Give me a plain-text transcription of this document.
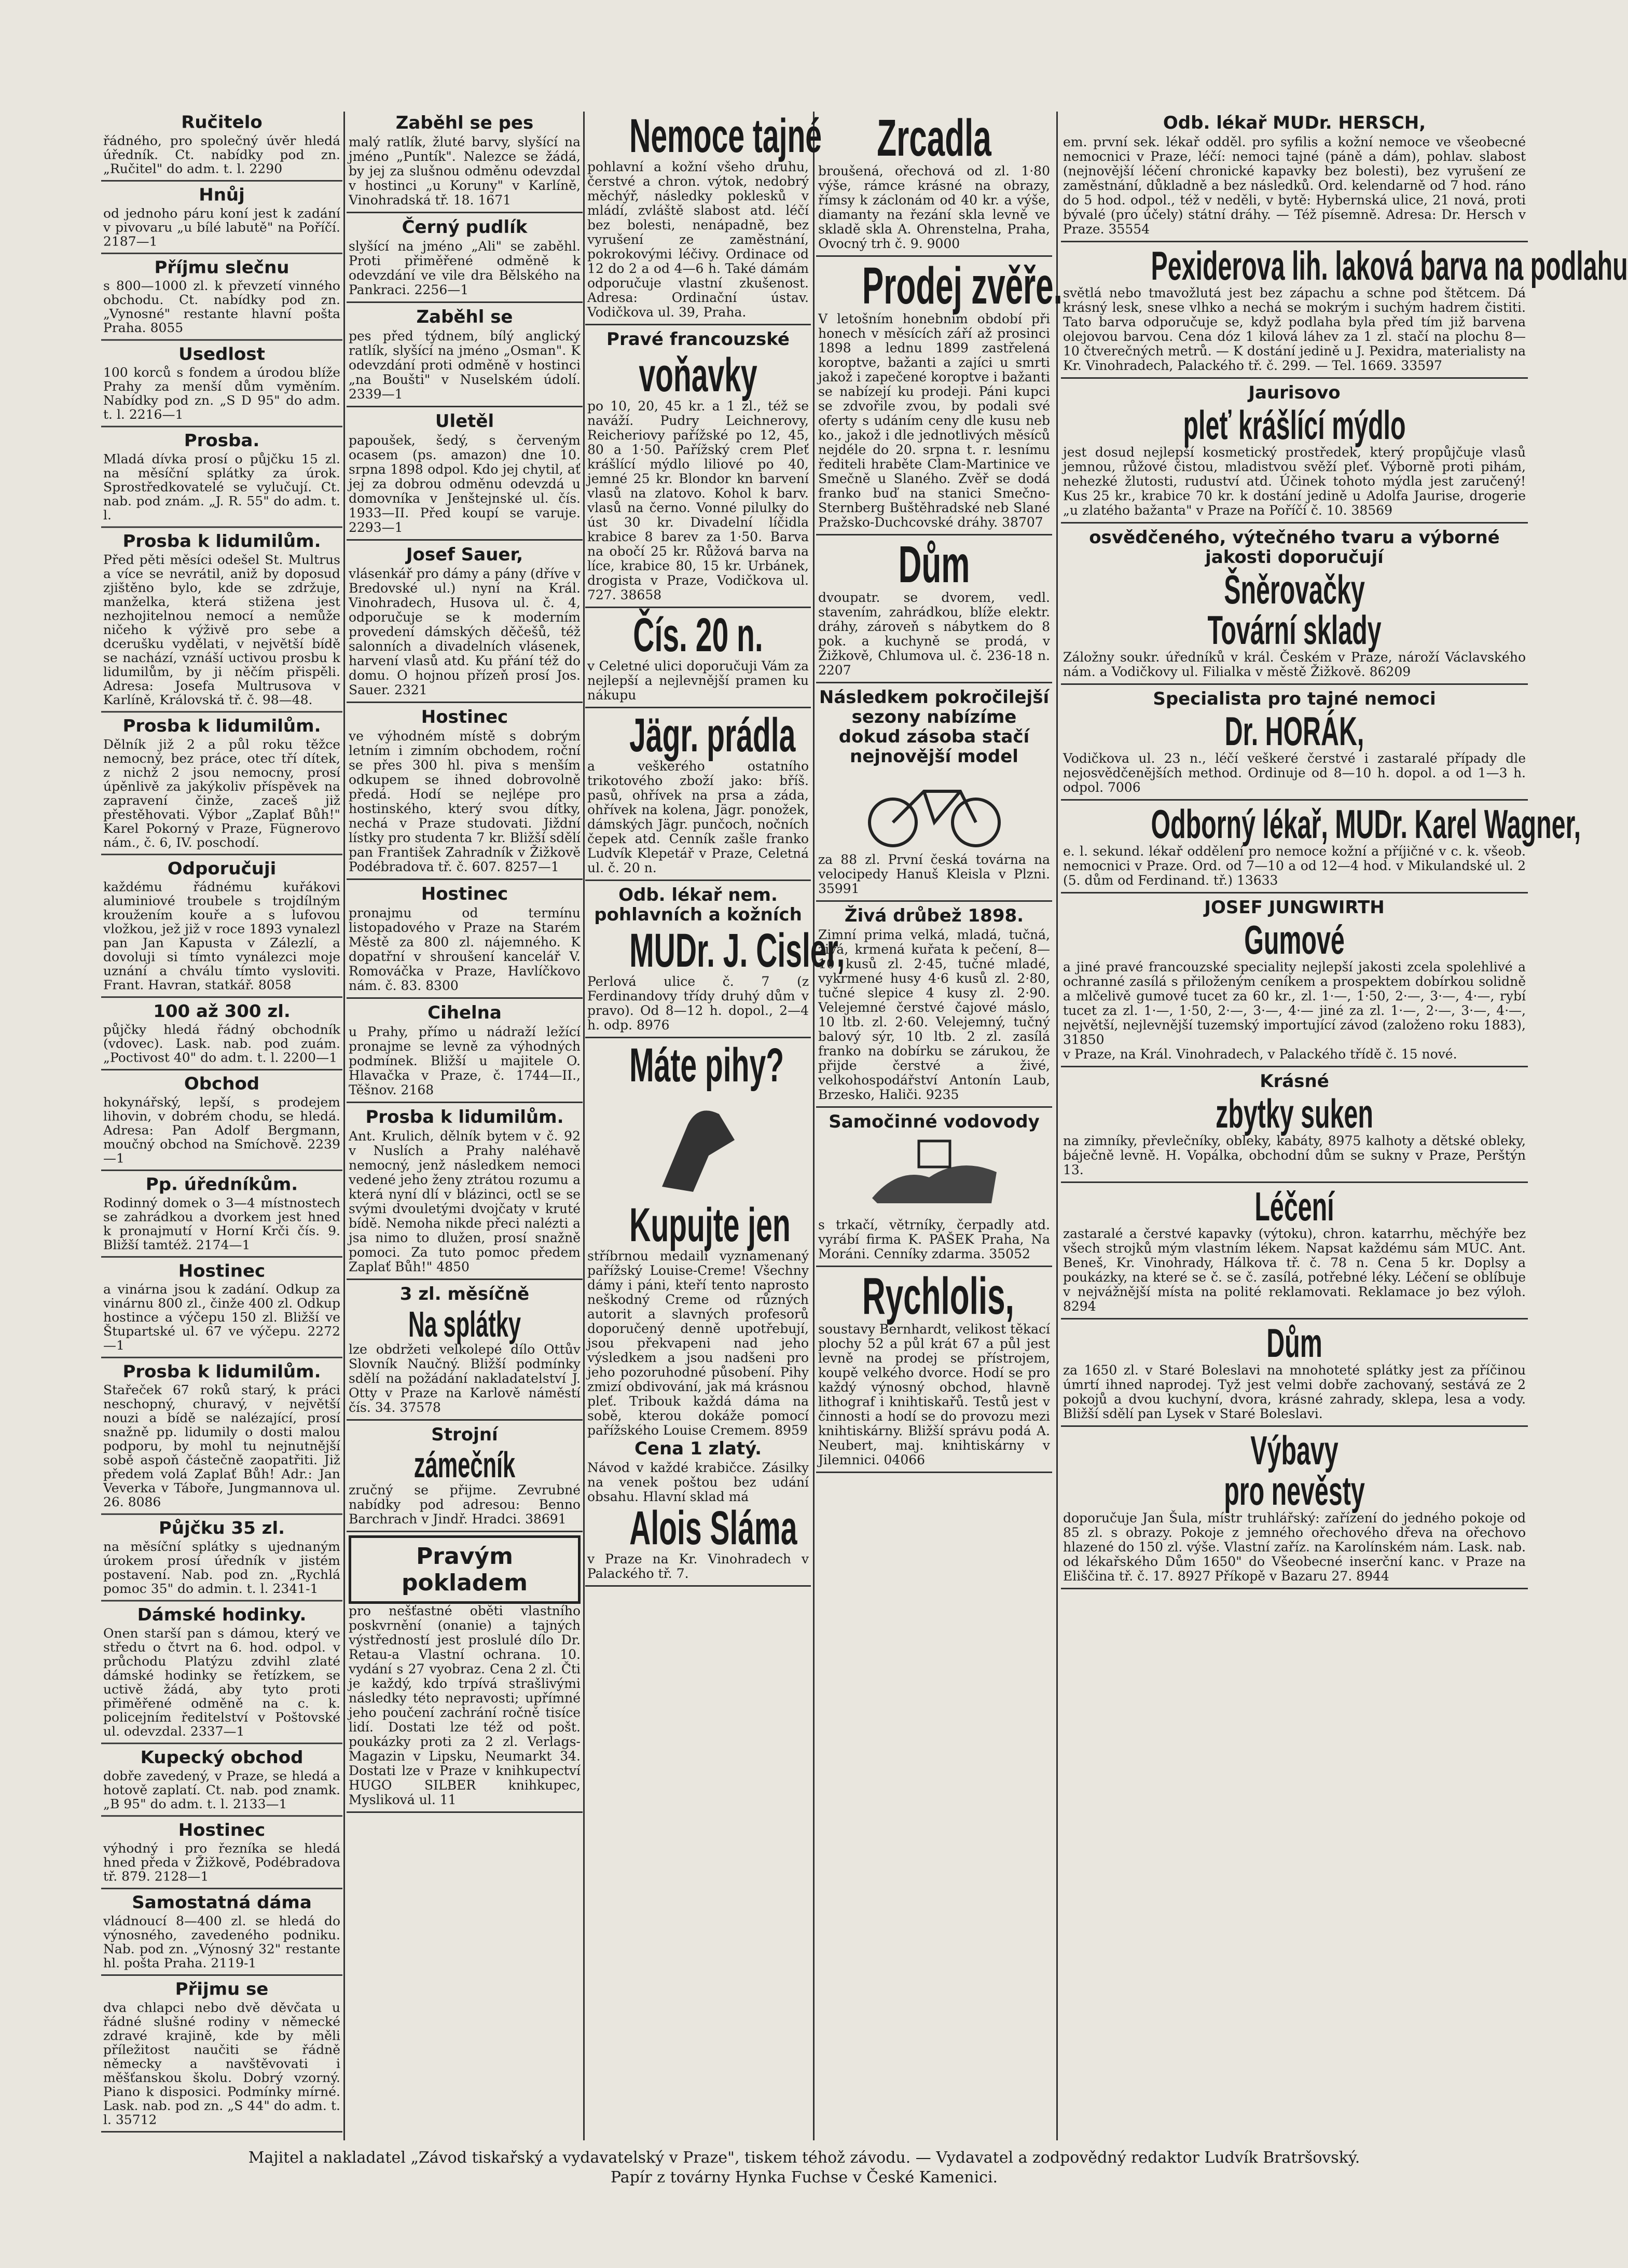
Ručitelo
řádného, pro společný úvěr hledá úředník. Ct. nabídky pod zn. „Ručitel" do adm. t. l. 2290
Hnůj
od jednoho páru koní jest k zadání v pivovaru „u bílé labutě" na Poříčí. 2187—1
Příjmu slečnu
s 800—1000 zl. k převzetí vinného obchodu. Ct. nabídky pod zn. „Vynosné" restante hlavní pošta Praha. 8055
Usedlost
100 korců s fondem a úrodou blíže Prahy za menší dům vyměním. Nabídky pod zn. „S D 95" do adm. t. l. 2216—1
Prosba.
Mladá dívka prosí o půjčku 15 zl. na měsíční splátky za úrok. Sprostředkovatelé se vylučují. Ct. nab. pod znám. „J. R. 55" do adm. t. l.
Prosba k lidumilům.
Před pěti měsíci odešel St. Multrus a více se nevrátil, aniž by doposud zjištěno bylo, kde se zdržuje, manželka, která stižena jest nezhojitelnou nemocí a nemůže ničeho k výživě pro sebe a dcerušku vydělati, v největší bídě se nachází, vznáší uctivou prosbu k lidumilům, by ji něčím přispěli. Adresa: Josefa Multrusova v Karlíně, Královská tř. č. 98—48.
Prosba k lidumilům.
Dělník již 2 a půl roku těžce nemocný, bez práce, otec tří dítek, z nichž 2 jsou nemocny, prosí úpěnlivě za jakýkoliv příspěvek na zapravení činže, zaceš již přestěhovati. Výbor „Zaplať Bůh!" Karel Pokorný v Praze, Fügnerovo nám., č. 6, IV. poschodí.
Odporučuji
každému řádnému kuřákovi aluminiové troubele s trojdílným kroužením kouře a s lufovou vložkou, jež již v roce 1893 vynalezl pan Jan Kapusta v Zálezlí, a dovoluji si tímto vynálezci moje uznání a chválu tímto vysloviti. Frant. Havran, statkář. 8058
100 až 300 zl.
půjčky hledá řádný obchodník (vdovec). Lask. nab. pod zuám. „Poctivost 40" do adm. t. l. 2200—1
Obchod
hokynářský, lepší, s prodejem lihovin, v dobrém chodu, se hledá. Adresa: Pan Adolf Bergmann, moučný obchod na Smíchově. 2239—1
Pp. úředníkům.
Rodinný domek o 3—4 místnostech se zahrádkou a dvorkem jest hned k pronajmutí v Horní Krči čís. 9. Bližší tamtéž. 2174—1
Hostinec
a vinárna jsou k zadání. Odkup za vinárnu 800 zl., činže 400 zl. Odkup hostince a výčepu 150 zl. Bližší ve Štupartské ul. 67 ve výčepu. 2272—1
Prosba k lidumilům.
Stařeček 67 roků starý, k práci neschopný, churavý, v největší nouzi a bídě se nalézající, prosí snažně pp. lidumily o dosti malou podporu, by mohl tu nejnutnější sobě aspoň částečně zaopatřiti. Již předem volá Zaplať Bůh! Adr.: Jan Veverka v Táboře, Jungmannova ul. 26. 8086
Půjčku 35 zl.
na měsíční splátky s ujednaným úrokem prosí úředník v jistém postavení. Nab. pod zn. „Rychlá pomoc 35" do admin. t. l. 2341-1
Dámské hodinky.
Onen starší pan s dámou, který ve středu o čtvrt na 6. hod. odpol. v průchodu Platýzu zdvihl zlaté dámské hodinky se řetízkem, se uctivě žádá, aby tyto proti přiměřené odměně na c. k. policejním ředitelství v Poštovské ul. odevzdal. 2337—1
Kupecký obchod
dobře zavedený, v Praze, se hledá a hotově zaplatí. Ct. nab. pod znamk. „B 95" do adm. t. l. 2133—1
Hostinec
výhodný i pro řezníka se hledá hned předa v Žižkově, Podébradova tř. 879. 2128—1
Samostatná dáma
vládnoucí 8—400 zl. se hledá do výnosného, zavedeného podniku. Nab. pod zn. „Výnosný 32" restante hl. pošta Praha. 2119-1
Přijmu se
dva chlapci nebo dvě děvčata u řádné slušné rodiny v německé zdravé krajině, kde by měli příležitost naučiti se řádně německy a navštěvovati i měšťanskou školu. Dobrý vzorný. Piano k disposici. Podmínky mírné. Lask. nab. pod zn. „S 44" do adm. t. l. 35712
Zaběhl se pes
malý ratlík, žluté barvy, slyšící na jméno „Puntík". Nalezce se žádá, by jej za slušnou odměnu odevzdal v hostinci „u Koruny" v Karlíně, Vinohradská tř. 18. 1671
Černý pudlík
slyšící na jméno „Ali" se zaběhl. Proti přiměřené odměně k odevzdání ve vile dra Bělského na Pankraci. 2256—1
Zaběhl se
pes před týdnem, bílý anglický ratlík, slyšící na jméno „Osman". K odevzdání proti odměně v hostinci „na Boušti" v Nuselském údolí. 2339—1
Uletěl
papoušek, šedý, s červeným ocasem (ps. amazon) dne 10. srpna 1898 odpol. Kdo jej chytil, ať jej za dobrou odměnu odevzdá u domovníka v Jenštejnské ul. čís. 1933—II. Před koupí se varuje. 2293—1
Josef Sauer,
vlásenkář pro dámy a pány (dříve v Bredovské ul.) nyní na Král. Vinohradech, Husova ul. č. 4, odporučuje se k moderním provedení dámských děčešů, též salonních a divadelních vlásenek, harvení vlasů atd. Ku přání též do domu. O hojnou přízeň prosí Jos. Sauer. 2321
Hostinec
ve výhodném místě s dobrým letním i zimním obchodem, roční se přes 300 hl. piva s menším odkupem se ihned dobrovolně předá. Hodí se nejlépe pro hostinského, který svou dítky, nechá v Praze studovati. Jiždní lístky pro studenta 7 kr. Bližší sdělí pan František Zahradník v Žižkově Podébradova tř. č. 607. 8257—1
Hostinec
pronajmu od termínu listopadového v Praze na Starém Městě za 800 zl. nájemného. K dopatřní v shroušení kancelář V. Romováčka v Praze, Havlíčkovo nám. č. 83. 8300
Cihelna
u Prahy, přímo u nádraží ležící pronajme se levně za výhodných podmínek. Bližší u majitele O. Hlavačka v Praze, č. 1744—II., Těšnov. 2168
Prosba k lidumilům.
Ant. Krulich, dělník bytem v č. 92 v Nuslích a Prahy naléhavě nemocný, jenž následkem nemoci vedené jeho ženy ztrátou rozumu a která nyní dlí v blázinci, octl se se svými dvouletými dvojčaty v kruté bídě. Nemoha nikde přeci nalézti a jsa nimo to dlužen, prosí snažně pomoci. Za tuto pomoc předem Zaplať Bůh!" 4850
3 zl. měsíčně
Na splátky
lze obdržeti velkolepé dílo Ottův Slovník Naučný. Bližší podmínky sdělí na požádání nakladatelství J. Otty v Praze na Karlově náměstí čís. 34. 37578
Strojní
zámečník
zručný se přijme. Zevrubné nabídky pod adresou: Benno Barchrach v Jindř. Hradci. 38691
Pravým pokladem
pro nešťastné oběti vlastního poskvrnění (onanie) a tajných výstředností jest proslulé dílo Dr. Retau-a Vlastní ochrana. 10. vydání s 27 vyobraz. Cena 2 zl. Čti je každý, kdo trpívá strašlivými následky této nepravosti; upřímné jeho poučení zachrání ročně tisíce lidí. Dostati lze též od pošt. poukázky proti za 2 zl. Verlags-Magazin v Lipsku, Neumarkt 34. Dostati lze v Praze v knihkupectví HUGO SILBER knihkupec, Mysliková ul. 11
Nemoce tajné
pohlavní a kožní všeho druhu, čerstvé a chron. výtok, nedobrý měchýř, následky poklesků v mládí, zvláště slabost atd. léčí bez bolesti, nenápadně, bez vyrušení ze zaměstnání, pokrokovými léčivy. Ordinace od 12 do 2 a od 4—6 h. Také dámám odporučuje vlastní zkušenost. Adresa: Ordinační ústav. Vodičkova ul. 39, Praha.
Pravé francouzské
voňavky
po 10, 20, 45 kr. a 1 zl., též se naváží. Pudry Leichnerovy, Reicheriovy pařížské po 12, 45, 80 a 1·50. Pařížský crem Pleť krášlící mýdlo liliové po 40, jemné 25 kr. Blondor kn barvení vlasů na zlatovo. Kohol k barv. vlasů na černo. Vonné pilulky do úst 30 kr. Divadelní líčidla krabice 8 barev za 1·50. Barva na obočí 25 kr. Růžová barva na líce, krabice 80, 15 kr. Urbánek, drogista v Praze, Vodičkova ul. 727. 38658
Čís. 20 n.
v Celetné ulici doporučuji Vám za nejlepší a nejlevnější pramen ku nákupu
Jägr. prádla
a veškerého ostatního trikotového zboží jako: bříš. pasů, ohřívek na prsa a záda, ohřívek na kolena, Jägr. ponožek, dámských Jägr. punčoch, nočních čepek atd. Cenník zašle franko Ludvík Klepetář v Praze, Celetná ul. č. 20 n.
Odb. lékař nem. pohlavních a kožních
MUDr. J. Cisler,
Perlová ulice č. 7 (z Ferdinandovy třídy druhý dům v pravo). Od 8—12 h. dopol., 2—4 h. odp. 8976
Máte pihy?
Kupujte jen
stříbrnou medailí vyznamenaný pařížský Louise-Creme! Všechny dámy i páni, kteří tento naprosto neškodný Creme od různých autorit a slavných profesorů doporučený denně upotřebují, jsou překvapeni nad jeho výsledkem a jsou nadšeni pro jeho pozoruhodné působení. Pihy zmizí obdivování, jak má krásnou pleť. Tribouk každá dáma na sobě, kterou dokáže pomocí pařížského Louise Cremem. 8959
Cena 1 zlatý.
Návod v každé krabičce. Zásilky na venek poštou bez udání obsahu. Hlavní sklad má
Alois Sláma
v Praze na Kr. Vinohradech v Palackého tř. 7.
Zrcadla
broušená, ořechová od zl. 1·80 výše, rámce krásné na obrazy, římsy k záclonám od 40 kr. a výše, diamanty na řezání skla levně ve skladě skla A. Ohrenstelna, Praha, Ovocný trh č. 9. 9000
Prodej zvěře.
V letošním honebním období při honech v měsících září až prosinci 1898 a lednu 1899 zastřelená koroptve, bažanti a zajíci u smrti jakož i zapečené koroptve i bažanti se nabízejí ku prodeji. Páni kupci se zdvořile zvou, by podali své oferty s udáním ceny dle kusu neb ko., jakož i dle jednotlivých měsíců nejdéle do 20. srpna t. r. lesnímu řediteli hraběte Clam-Martinice ve Smečně u Slaného. Zvěř se dodá franko buď na stanici Smečno-Sternberg Buštěhradské neb Slané Pražsko-Duchcovské dráhy. 38707
Dům
dvoupatr. se dvorem, vedl. stavením, zahrádkou, blíže elektr. dráhy, zároveň s nábytkem do 8 pok. a kuchyně se prodá, v Žižkově, Chlumova ul. č. 236-18 n. 2207
Následkem pokročilejší sezony nabízíme dokud zásoba stačí nejnovější model
za 88 zl. První česká továrna na velocipedy Hanuš Kleisla v Plzni. 35991
Živá drůbež 1898.
Zimní prima velká, mladá, tučná, živá, krmená kuřata k pečení, 8—10 kusů zl. 2·45, tučné mladé, vykrmené husy 4·6 kusů zl. 2·80, tučné slepice 4 kusy zl. 2·90. Velejemné čerstvé čajové máslo, 10 ltb. zl. 2·60. Velejemný, tučný balový sýr, 10 ltb. 2 zl. zasílá franko na dobírku se zárukou, že přijde čerstvé a živé, velkohospodářství Antonín Laub, Brzesko, Haliči. 9235
Samočinné vodovody
s trkačí, větrníky, čerpadly atd. vyrábí firma K. PAŠEK Praha, Na Moráni. Cenníky zdarma. 35052
Rychlolis,
soustavy Bernhardt, velikost těkací plochy 52 a půl krát 67 a půl jest levně na prodej se přístrojem, koupě velkého dvorce. Hodí se pro každý výnosný obchod, hlavně lithograf i knihtiskařů. Testů jest v činnosti a hodí se do provozu mezi knihtiskárny. Bližší správu podá A. Neubert, maj. knihtiskárny v Jilemnici. 04066
Odb. lékař MUDr. HERSCH,
em. první sek. lékař odděl. pro syfilis a kožní nemoce ve všeobecné nemocnici v Praze, léčí: nemoci tajné (páně a dám), pohlav. slabost (nejnovější léčení chronické kapavky bez bolesti), bez vyrušení ze zaměstnání, důkladně a bez následků. Ord. kelendarně od 7 hod. ráno do 5 hod. odpol., též v neděli, v bytě: Hybernská ulice, 21 nová, proti bývalé (pro účely) státní dráhy. — Též písemně. Adresa: Dr. Hersch v Praze. 35554
Pexiderova lih. laková barva na podlahu
světlá nebo tmavožlutá jest bez zápachu a schne pod štětcem. Dá krásný lesk, snese vlhko a nechá se mokrým i suchým hadrem čistiti. Tato barva odporučuje se, když podlaha byla před tím již barvena olejovou barvou. Cena dóz 1 kilová láhev za 1 zl. stačí na plochu 8—10 čtverečných metrů. — K dostání jedině u J. Pexidra, materialisty na Kr. Vinohradech, Palackého tř. č. 299. — Tel. 1669. 33597
Jaurisovo
pleť krášlící mýdlo
jest dosud nejlepší kosmetický prostředek, který propůjčuje vlasů jemnou, růžové čistou, mladistvou svěží pleť. Výborně proti pihám, nehezké žlutosti, ruduství atd. Účinek tohoto mýdla jest zaručený! Kus 25 kr., krabice 70 kr. k dostání jedině u Adolfa Jaurise, drogerie „u zlatého bažanta" v Praze na Poříčí č. 10. 38569
osvědčeného, výtečného tvaru a výborné jakosti doporučují
Šněrovačky
Tovární sklady
Záložny soukr. úředníků v král. Českém v Praze, nároží Václavského nám. a Vodičkovy ul. Filialka v městě Žižkově. 86209
Specialista pro tajné nemoci
Dr. HORÁK,
Vodičkova ul. 23 n., léčí veškeré čerstvé i zastaralé případy dle nejosvědčenějších method. Ordinuje od 8—10 h. dopol. a od 1—3 h. odpol. 7006
Odborný lékař, MUDr. Karel Wagner,
e. l. sekund. lékař oddělení pro nemoce kožní a příjičné v c. k. všeob. nemocnici v Praze. Ord. od 7—10 a od 12—4 hod. v Mikulandské ul. 2 (5. dům od Ferdinand. tř.) 13633
JOSEF JUNGWIRTH
Gumové
a jiné pravé francouzské speciality nejlepší jakosti zcela spolehlivé a ochranné zasílá s přiloženým ceníkem a prospektem dobírkou solidně a mlčelivě gumové tucet za 60 kr., zl. 1·—, 1·50, 2·—, 3·—, 4·—, rybí tucet za zl. 1·—, 1·50, 2·—, 3·—, 4·— jiné za zl. 1·—, 2·—, 3·—, 4·—, největší, nejlevnější tuzemský importující závod (založeno roku 1883), 31850
v Praze, na Král. Vinohradech, v Palackého třídě č. 15 nové.
Krásné
zbytky suken
na zimníky, převlečníky, obleky, kabáty, 8975 kalhoty a dětské obleky, báječně levně. H. Vopálka, obchodní dům se sukny v Praze, Perštýn 13.
Léčení
zastaralé a čerstvé kapavky (výtoku), chron. katarrhu, měchýře bez všech strojků mým vlastním lékem. Napsat každému sám MUC. Ant. Beneš, Kr. Vinohrady, Hálkova tř. č. 78 n. Cena 5 kr. Doplsy a poukázky, na které se č. se č. zasílá, potřebné léky. Léčení se oblíbuje v nejvážnější místa na polité reklamovati. Reklamace jo bez výloh. 8294
Dům
za 1650 zl. v Staré Boleslavi na mnohoteté splátky jest za příčinou úmrtí ihned naprodej. Tyž jest velmi dobře zachovaný, sestává ze 2 pokojů a dvou kuchyní, dvora, krásné zahrady, sklepa, lesa a vody. Bližší sdělí pan Lysek v Staré Boleslavi.
Výbavy
pro nevěsty
doporučuje Jan Šula, místr truhlářský: zařízení do jedného pokoje od 85 zl. s obrazy. Pokoje z jemného ořechového dřeva na ořechovo hlazené do 150 zl. výše. Vlastní zaříz. na Karolínském nám. Lask. nab. od lékařského Dům 1650" do Všeobecné inserční kanc. v Praze na Eliščina tř. č. 17. 8927 Příkopě v Bazaru 27. 8944
Majitel a nakladatel „Závod tiskařský a vydavatelský v Praze", tiskem téhož závodu. — Vydavatel a zodpovědný redaktor Ludvík Bratršovský.
Papír z továrny Hynka Fuchse v České Kamenici.
